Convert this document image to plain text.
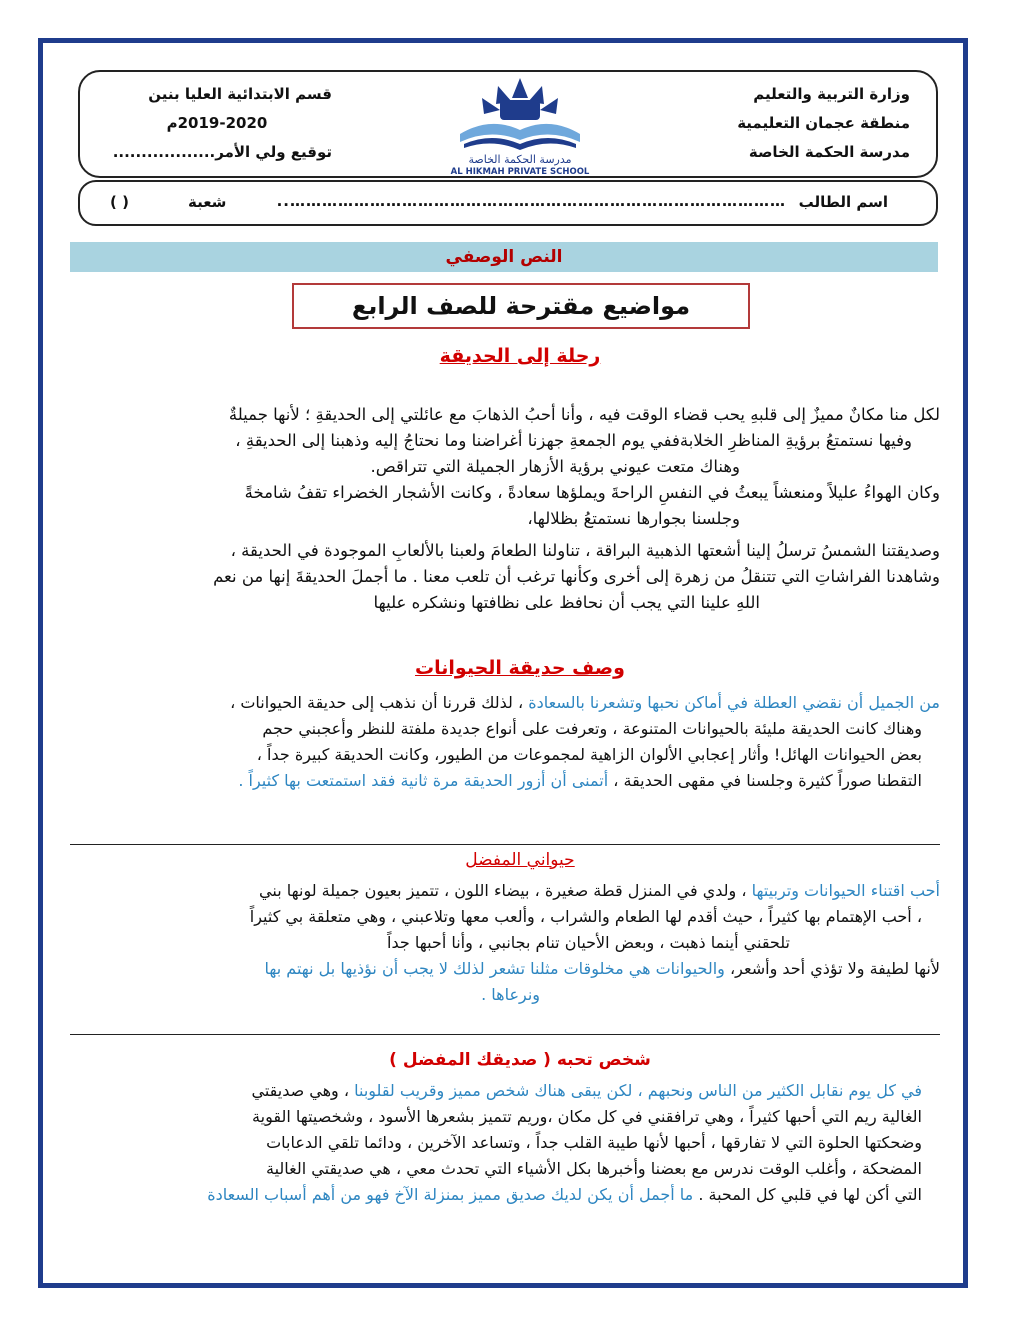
وزارة التربية والتعليم
منطقة عجمان التعليمية
مدرسة الحكمة الخاصة
مدرسة الحكمة الخاصة
AL HIKMAH PRIVATE SCHOOL
قسم الابتدائية العليا بنين
2019-2020م
توقيع ولي الأمر..................
اسم الطالب
…………………………………………………………………………………..
شعبة
( )
النص الوصفي
مواضيع مقترحة للصف الرابع
رحلة إلى الحديقة

لكل منا مكانٌ مميزٌ إلى قلبهِ يحب قضاء الوقت فيه ، وأنا أحبُ الذهابَ مع عائلتي إلى الحديقةِ ؛ لأنها جميلةٌ

وفيها نستمتعُ برؤيةِ المناظرِ الخلابةففي يوم الجمعةِ جهزنا أغراضنا وما نحتاجُ إليه وذهبنا إلى الحديقةِ ،

وهناك متعت عيوني برؤية الأزهار الجميلة التي تتراقص.

وكان الهواءُ عليلاً ومنعشاً يبعثُ في النفسِ الراحةَ ويملؤها سعادةً ، وكانت الأشجار الخضراء تقفُ شامخةً

وجلسنا بجوارها نستمتعُ بظلالها،

وصديقتنا الشمسُ ترسلُ إلينا أشعتها الذهبية البراقة ، تناولنا الطعامَ ولعبنا بالألعابِ الموجودة في الحديقة ،

وشاهدنا الفراشاتِ التي تتنقلُ من زهرة إلى أخرى وكأنها ترغب أن تلعب معنا . ما أجملَ الحديقةَ إنها من نعم

اللهِ علينا التي يجب أن نحافظ على نظافتها ونشكره عليها

وصف حديقة الحيوانات

من الجميل أن نقضي العطلة في أماكن نحبها وتشعرنا بالسعادة ، لذلك قررنا أن نذهب إلى حديقة الحيوانات ،

وهناك كانت الحديقة مليئة بالحيوانات المتنوعة ، وتعرفت على أنواع جديدة ملفتة للنظر وأعجبني حجم

بعض الحيوانات الهائل! وأثار إعجابي الألوان الزاهية لمجموعات من الطيور، وكانت الحديقة كبيرة جداً ،

التقطنا صوراً كثيرة وجلسنا في مقهى الحديقة ، أتمنى أن أزور الحديقة مرة ثانية فقد استمتعت بها كثيراً .

حيواني المفضل

أحب اقتناء الحيوانات وتربيتها ، ولدي في المنزل قطة صغيرة ، بيضاء اللون ، تتميز بعيون جميلة لونها بني

، أحب الإهتمام بها كثيراً ، حيث أقدم لها الطعام والشراب ، وألعب معها وتلاعبني ، وهي متعلقة بي كثيراً

تلحقني أينما ذهبت ، وبعض الأحيان تنام بجانبي ، وأنا أحبها جداً

لأنها لطيفة ولا تؤذي أحد وأشعر، والحيوانات هي مخلوقات مثلنا تشعر لذلك لا يجب أن نؤذيها بل نهتم بها

ونرعاها .

شخص تحبه ( صديقك المفضل )

في كل يوم نقابل الكثير من الناس ونحبهم ، لكن يبقى هناك شخص مميز وقريب لقلوبنا ، وهي صديقتي

الغالية ريم التي أحبها كثيراً ، وهي ترافقني في كل مكان ،وريم تتميز بشعرها الأسود ، وشخصيتها القوية

وضحكتها الحلوة التي لا تفارقها ، أحبها لأنها طيبة القلب جداً ، وتساعد الآخرين ، ودائما تلقي الدعابات

المضحكة ، وأغلب الوقت ندرس مع بعضنا وأخبرها بكل الأشياء التي تحدث معي ، هي صديقتي الغالية

التي أكن لها في قلبي كل المحبة . ما أجمل أن يكن لديك صديق مميز بمنزلة الآخ فهو من أهم أسباب السعادة
